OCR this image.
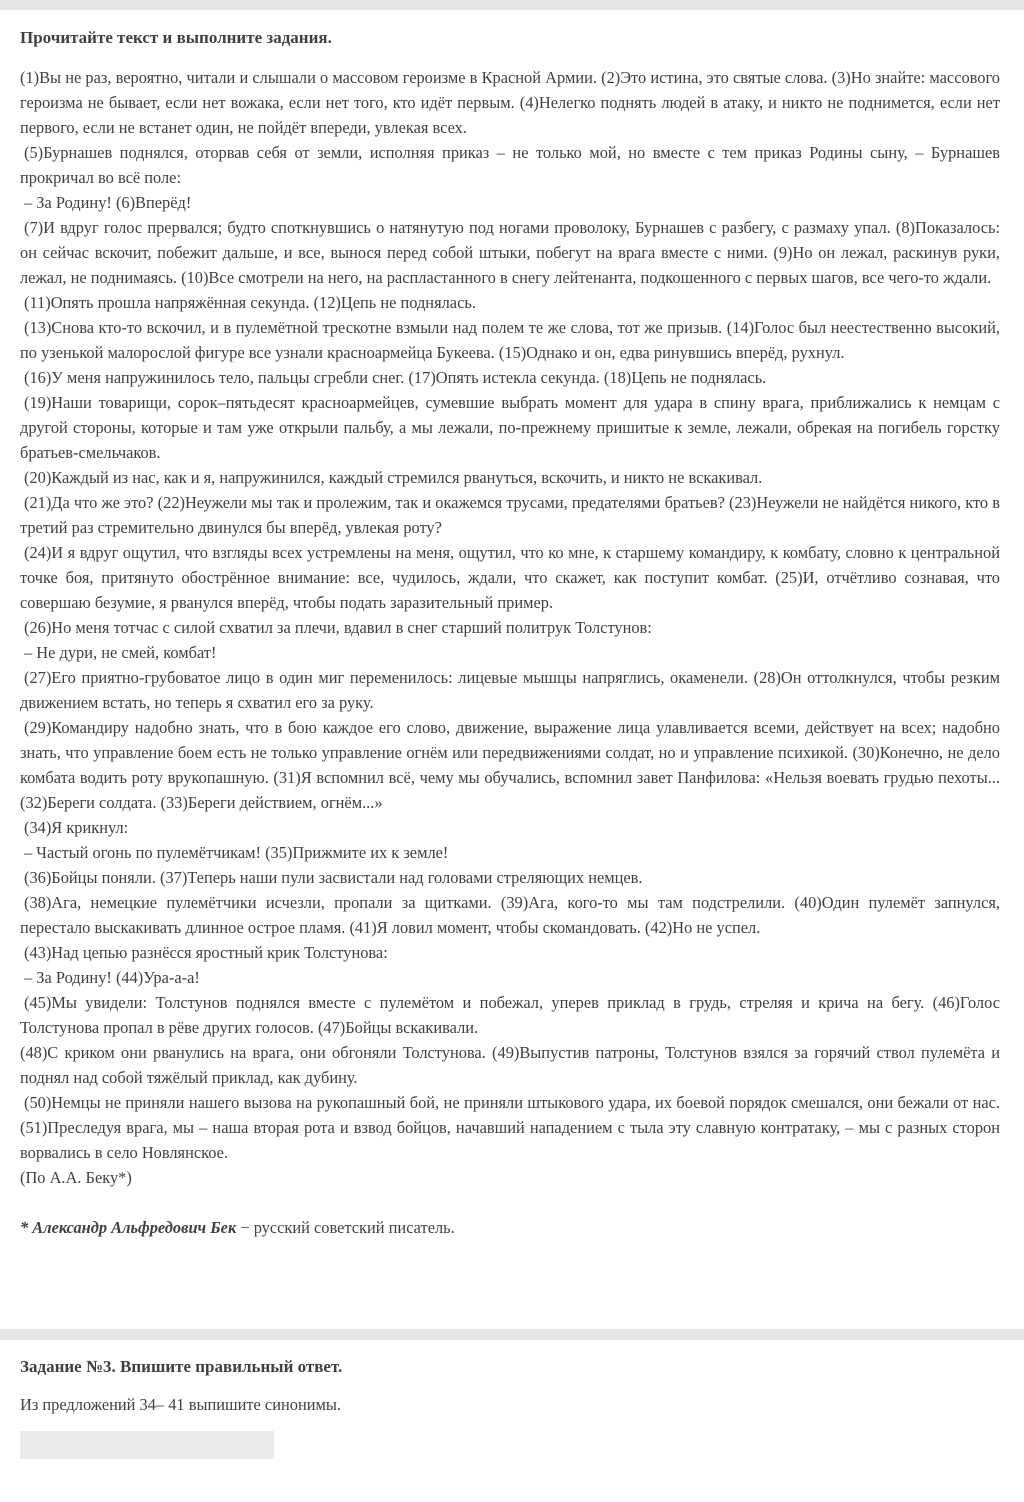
Прочитайте текст и выполните задания.

(1)Вы не раз, вероятно, читали и слышали о массовом героизме в Красной Армии. (2)Это истина, это святые слова. (3)Но знайте: массового героизма не бывает, если нет вожака, если нет того, кто идёт первым. (4)Нелегко поднять людей в атаку, и никто не поднимется, если нет первого, если не встанет один, не пойдёт впереди, увлекая всех.

(5)Бурнашев поднялся, оторвав себя от земли, исполняя приказ – не только мой, но вместе с тем приказ Родины сыну, – Бурнашев прокричал во всё поле:

– За Родину! (6)Вперёд!

(7)И вдруг голос прервался; будто споткнувшись о натянутую под ногами проволоку, Бурнашев с разбегу, с размаху упал. (8)Показалось: он сейчас вскочит, побежит дальше, и все, вынося перед собой штыки, побегут на врага вместе с ними. (9)Но он лежал, раскинув руки, лежал, не поднимаясь. (10)Все смотрели на него, на распластанного в снегу лейтенанта, подкошенного с первых шагов, все чего-то ждали.

(11)Опять прошла напряжённая секунда. (12)Цепь не поднялась.

(13)Снова кто-то вскочил, и в пулемётной трескотне взмыли над полем те же слова, тот же призыв. (14)Голос был неестественно высокий, по узенькой малорослой фигуре все узнали красноармейца Букеева. (15)Однако и он, едва ринувшись вперёд, рухнул.

(16)У меня напружинилось тело, пальцы сгребли снег. (17)Опять истекла секунда. (18)Цепь не поднялась.

(19)Наши товарищи, сорок–пятьдесят красноармейцев, сумевшие выбрать момент для удара в спину врага, приближались к немцам с другой стороны, которые и там уже открыли пальбу, а мы лежали, по-прежнему пришитые к земле, лежали, обрекая на погибель горстку братьев-смельчаков.

(20)Каждый из нас, как и я, напружинился, каждый стремился рвануться, вскочить, и никто не вскакивал.

(21)Да что же это? (22)Неужели мы так и пролежим, так и окажемся трусами, предателями братьев? (23)Неужели не найдётся никого, кто в третий раз стремительно двинулся бы вперёд, увлекая роту?

(24)И я вдруг ощутил, что взгляды всех устремлены на меня, ощутил, что ко мне, к старшему командиру, к комбату, словно к центральной точке боя, притянуто обострённое внимание: все, чудилось, ждали, что скажет, как поступит комбат. (25)И, отчётливо сознавая, что совершаю безумие, я рванулся вперёд, чтобы подать заразительный пример.

(26)Но меня тотчас с силой схватил за плечи, вдавил в снег старший политрук Толстунов:

– Не дури, не смей, комбат!

(27)Его приятно-грубоватое лицо в один миг переменилось: лицевые мышцы напряглись, окаменели. (28)Он оттолкнулся, чтобы резким движением встать, но теперь я схватил его за руку.

(29)Командиру надобно знать, что в бою каждое его слово, движение, выражение лица улавливается всеми, действует на всех; надобно знать, что управление боем есть не только управление огнём или передвижениями солдат, но и управление психикой. (30)Конечно, не дело комбата водить роту врукопашную. (31)Я вспомнил всё, чему мы обучались, вспомнил завет Панфилова: «Нельзя воевать грудью пехоты... (32)Береги солдата. (33)Береги действием, огнём...»

(34)Я крикнул:

– Частый огонь по пулемётчикам! (35)Прижмите их к земле!

(36)Бойцы поняли. (37)Теперь наши пули засвистали над головами стреляющих немцев.

(38)Ага, немецкие пулемётчики исчезли, пропали за щитками. (39)Ага, кого-то мы там подстрелили. (40)Один пулемёт запнулся, перестало выскакивать длинное острое пламя. (41)Я ловил момент, чтобы скомандовать. (42)Но не успел.

(43)Над цепью разнёсся яростный крик Толстунова:

– За Родину! (44)Ура-а-а!

(45)Мы увидели: Толстунов поднялся вместе с пулемётом и побежал, уперев приклад в грудь, стреляя и крича на бегу. (46)Голос Толстунова пропал в рёве других голосов. (47)Бойцы вскакивали.

(48)С криком они рванулись на врага, они обгоняли Толстунова. (49)Выпустив патроны, Толстунов взялся за горячий ствол пулемёта и поднял над собой тяжёлый приклад, как дубину.

(50)Немцы не приняли нашего вызова на рукопашный бой, не приняли штыкового удара, их боевой порядок смешался, они бежали от нас. (51)Преследуя врага, мы – наша вторая рота и взвод бойцов, начавший нападением с тыла эту славную контратаку, – мы с разных сторон ворвались в село Новлянское.

(По А.А. Беку*)

* Александр Альфредович Бек − русский советский писатель.

Задание №3. Впишите правильный ответ.

Из предложений 34– 41 выпишите синонимы.
